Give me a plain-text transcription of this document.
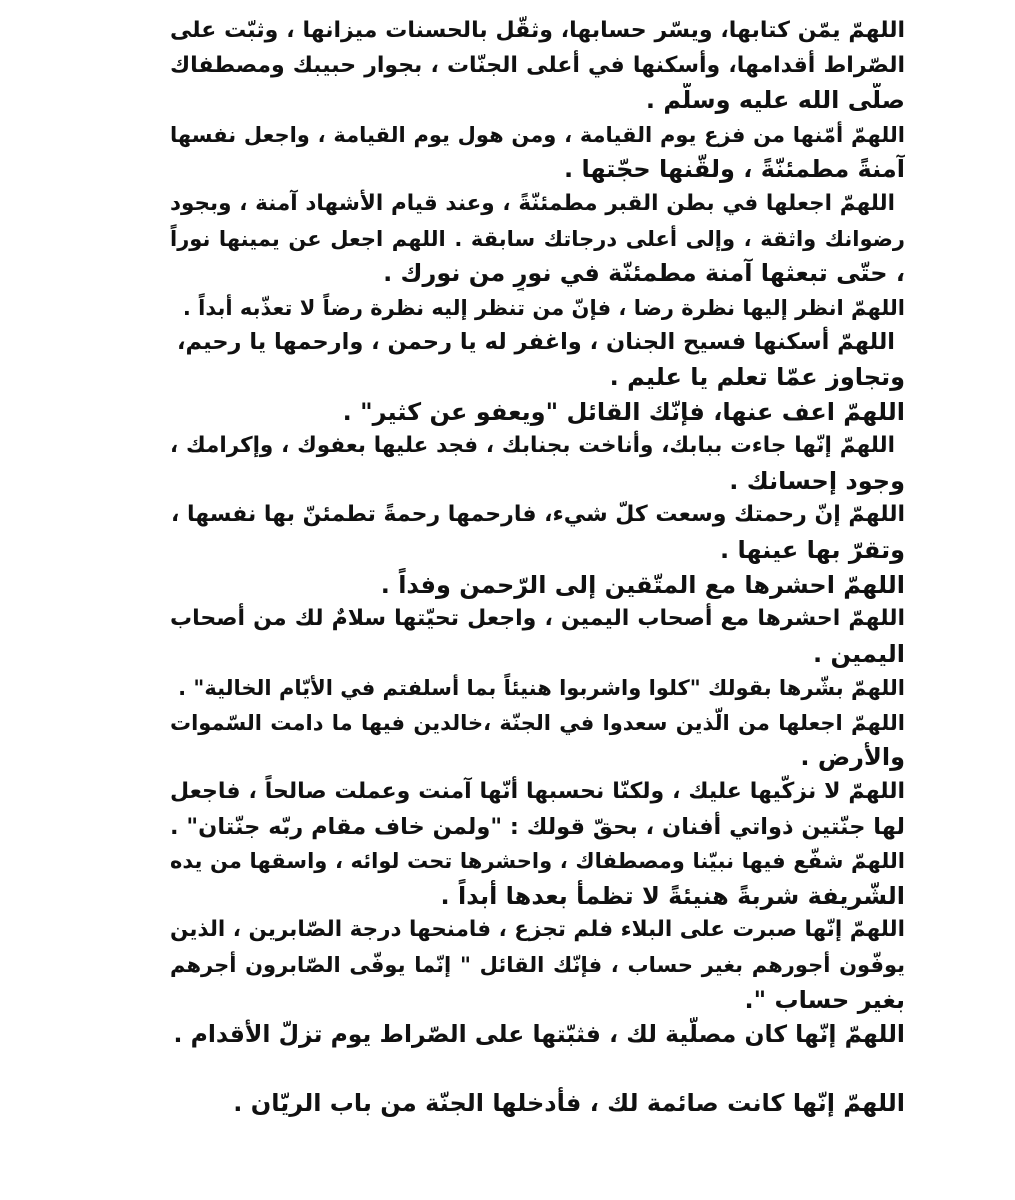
اللهمّ يمّن كتابها، ويسّر حسابها، وثقّل بالحسنات ميزانها ، وثبّت على
الصّراط أقدامها، وأسكنها في أعلى الجنّات ، بجوار حبيبك ومصطفاك
صلّى الله عليه وسلّم .
اللهمّ أمّنها من فزع يوم القيامة ، ومن هول يوم القيامة ، واجعل نفسها
آمنةً مطمئنّةً ، ولقّنها حجّتها .
اللهمّ اجعلها في بطن القبر مطمئنّةً ، وعند قيام الأشهاد آمنة ، وبجود
رضوانك واثقة ، وإلى أعلى درجاتك سابقة . اللهم اجعل عن يمينها نوراً
، حتّى تبعثها آمنة مطمئنّة في نورٍ من نورك .
اللهمّ انظر إليها نظرة رضا ، فإنّ من تنظر إليه نظرة رضاً لا تعذّبه أبداً .
اللهمّ أسكنها فسيح الجنان ، واغفر له يا رحمن ، وارحمها يا رحيم،
وتجاوز عمّا تعلم يا عليم .
اللهمّ اعف عنها، فإنّك القائل "ويعفو عن كثير" .
اللهمّ إنّها جاءت ببابك، وأناخت بجنابك ، فجد عليها بعفوك ، وإكرامك ،
وجود إحسانك .
اللهمّ إنّ رحمتك وسعت كلّ شيء، فارحمها رحمةً تطمئنّ بها نفسها ،
وتقرّ بها عينها .
اللهمّ احشرها مع المتّقين إلى الرّحمن وفداً .
اللهمّ احشرها مع أصحاب اليمين ، واجعل تحيّتها سلامٌ لك من أصحاب
اليمين .
اللهمّ بشّرها بقولك "كلوا واشربوا هنيئاً بما أسلفتم في الأيّام الخالية" .
اللهمّ اجعلها من الّذين سعدوا في الجنّة ،خالدين فيها ما دامت السّموات
والأرض .
اللهمّ لا نزكّيها عليك ، ولكنّا نحسبها أنّها آمنت وعملت صالحاً ، فاجعل
لها جنّتين ذواتي أفنان ، بحقّ قولك : "ولمن خاف مقام ربّه جنّتان" .
اللهمّ شفّع فيها نبيّنا ومصطفاك ، واحشرها تحت لوائه ، واسقها من يده
الشّريفة شربةً هنيئةً لا تظمأ بعدها أبداً .
اللهمّ إنّها صبرت على البلاء فلم تجزع ، فامنحها درجة الصّابرين ، الذين
يوفّون أجورهم بغير حساب ، فإنّك القائل " إنّما يوفّى الصّابرون أجرهم
بغير حساب ".
اللهمّ إنّها كان مصلّية لك ، فثبّتها على الصّراط يوم تزلّ الأقدام .
اللهمّ إنّها كانت صائمة لك ، فأدخلها الجنّة من باب الريّان .
